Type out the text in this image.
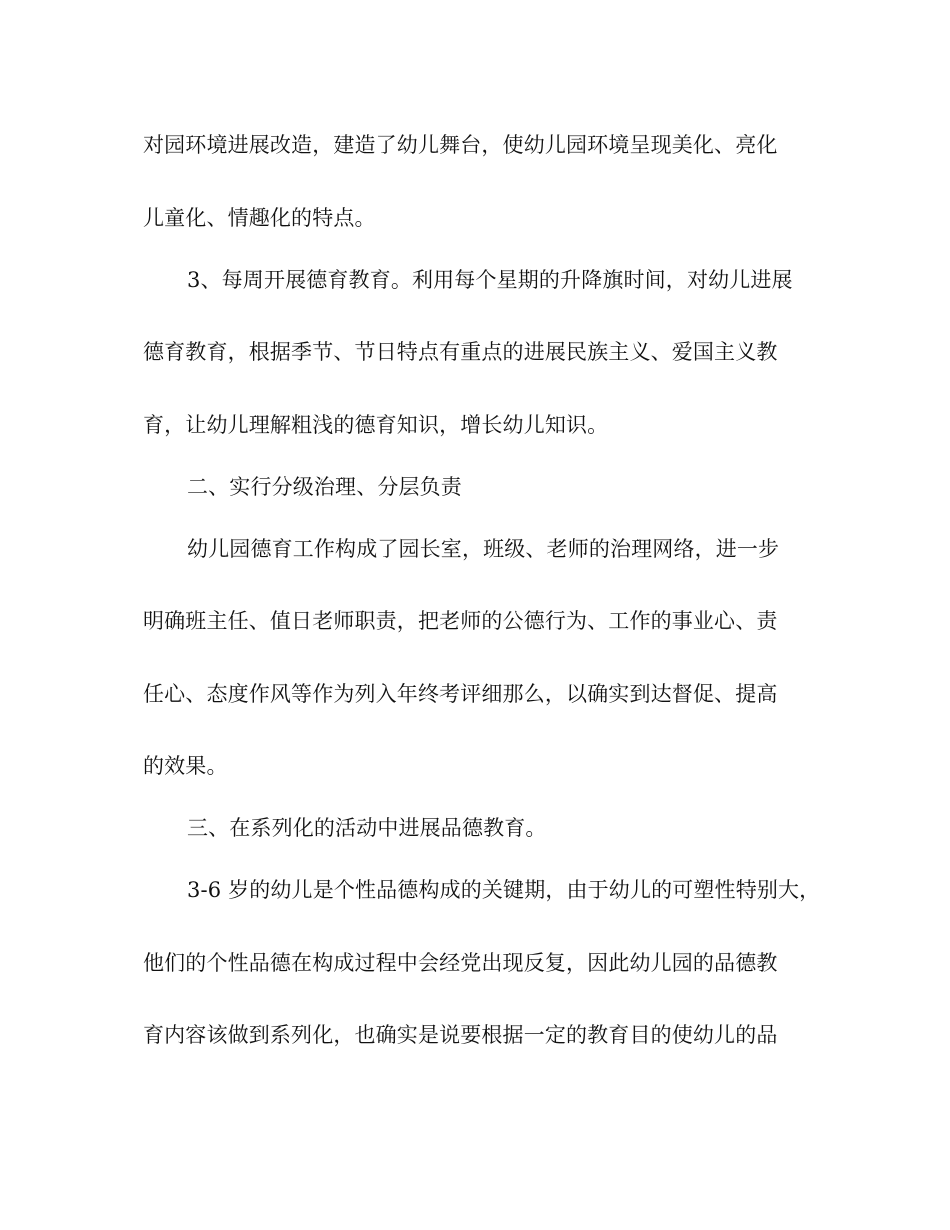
对园环境进展改造，建造了幼儿舞台，使幼儿园环境呈现美化、亮化
儿童化、情趣化的特点。
3、每周开展德育教育。利用每个星期的升降旗时间，对幼儿进展
德育教育，根据季节、节日特点有重点的进展民族主义、爱国主义教
育，让幼儿理解粗浅的德育知识，增长幼儿知识。
二、实行分级治理、分层负责
幼儿园德育工作构成了园长室，班级、老师的治理网络，进一步
明确班主任、值日老师职责，把老师的公德行为、工作的事业心、责
任心、态度作风等作为列入年终考评细那么，以确实到达督促、提高
的效果。
三、在系列化的活动中进展品德教育。
3-6 岁的幼儿是个性品德构成的关键期，由于幼儿的可塑性特别大，
他们的个性品德在构成过程中会经党出现反复，因此幼儿园的品德教
育内容该做到系列化，也确实是说要根据一定的教育目的使幼儿的品
